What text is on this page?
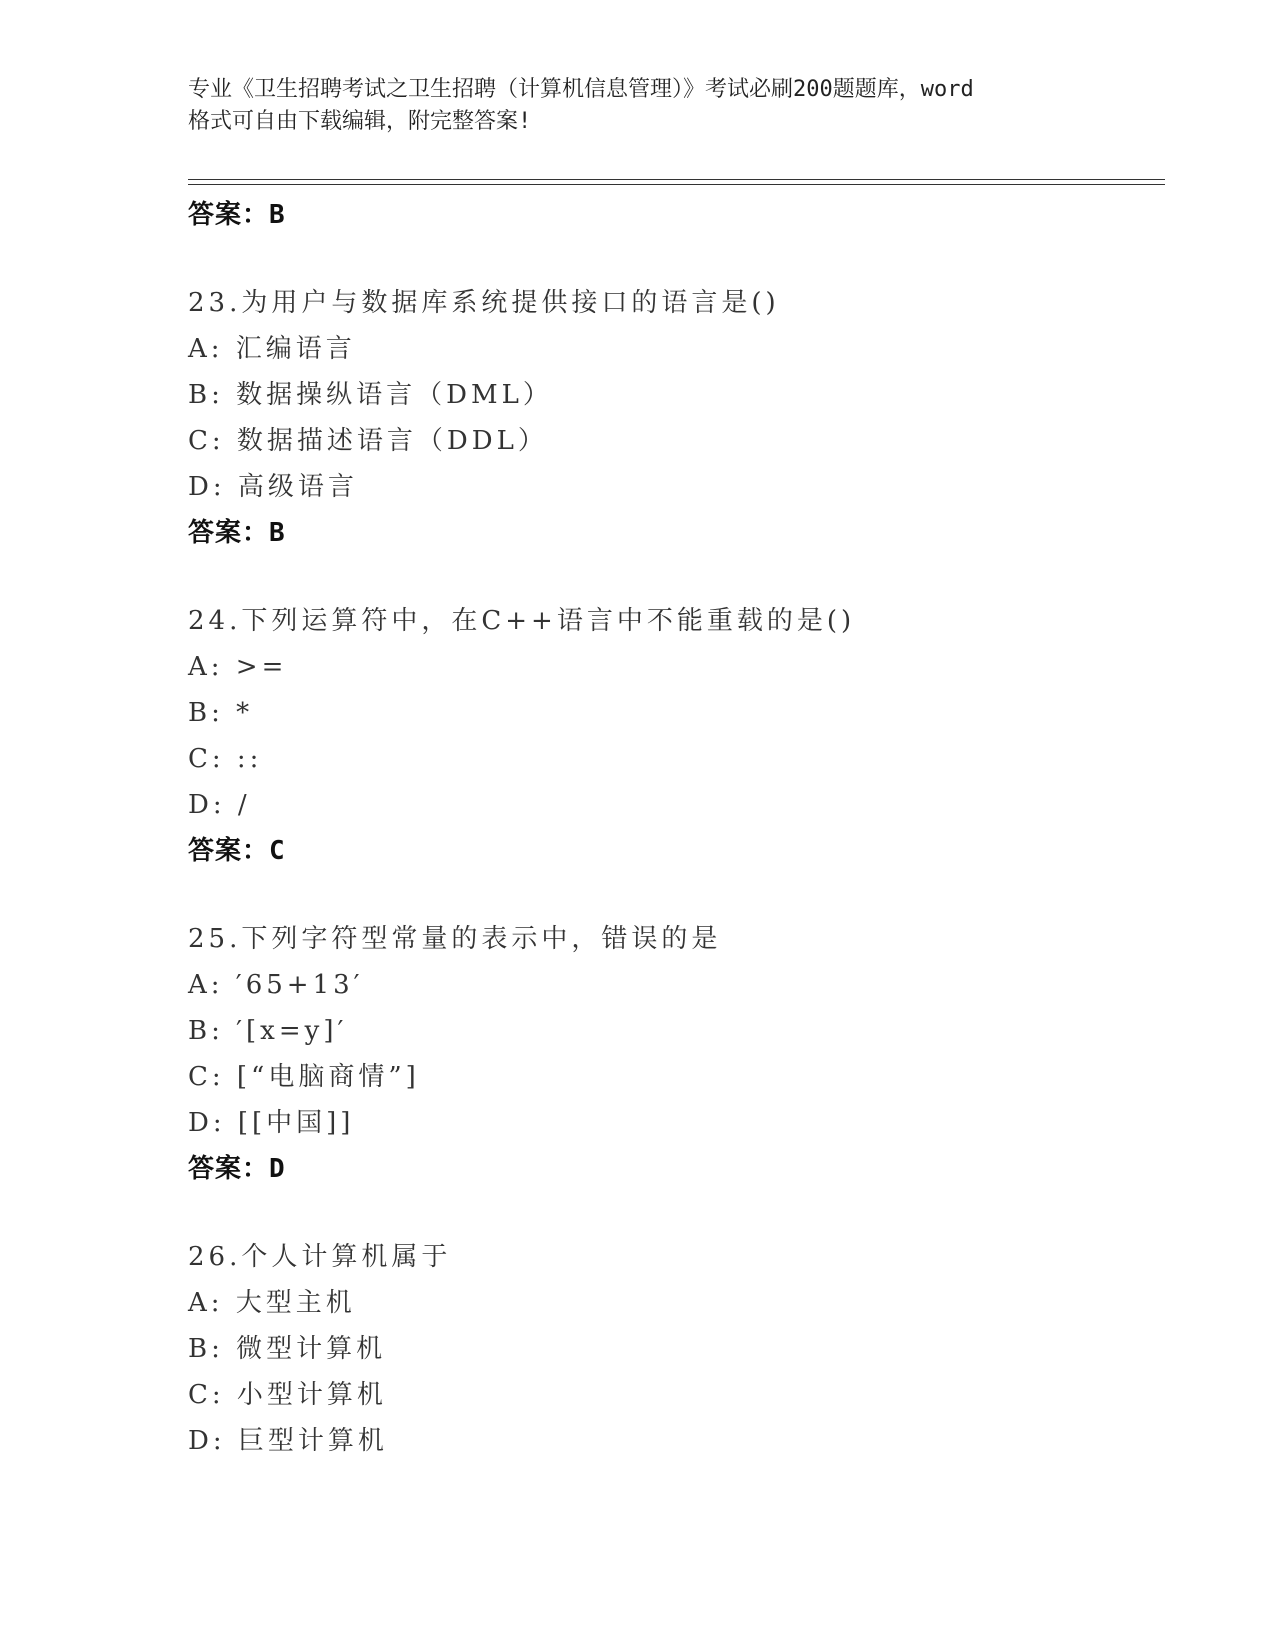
专业《卫生招聘考试之卫生招聘（计算机信息管理）》考试必刷200题题库，word
格式可自由下载编辑，附完整答案!
答案：B
23.为用户与数据库系统提供接口的语言是()
A: 汇编语言
B: 数据操纵语言（DML）
C: 数据描述语言（DDL）
D: 高级语言
答案：B
24.下列运算符中，在C++语言中不能重载的是()
A: >=
B: *
C: ::
D: /
答案：C
25.下列字符型常量的表示中，错误的是
A: ′65+13′
B: ′[x=y]′
C: [“电脑商情”]
D: [[中国]]
答案：D
26.个人计算机属于
A: 大型主机
B: 微型计算机
C: 小型计算机
D: 巨型计算机
